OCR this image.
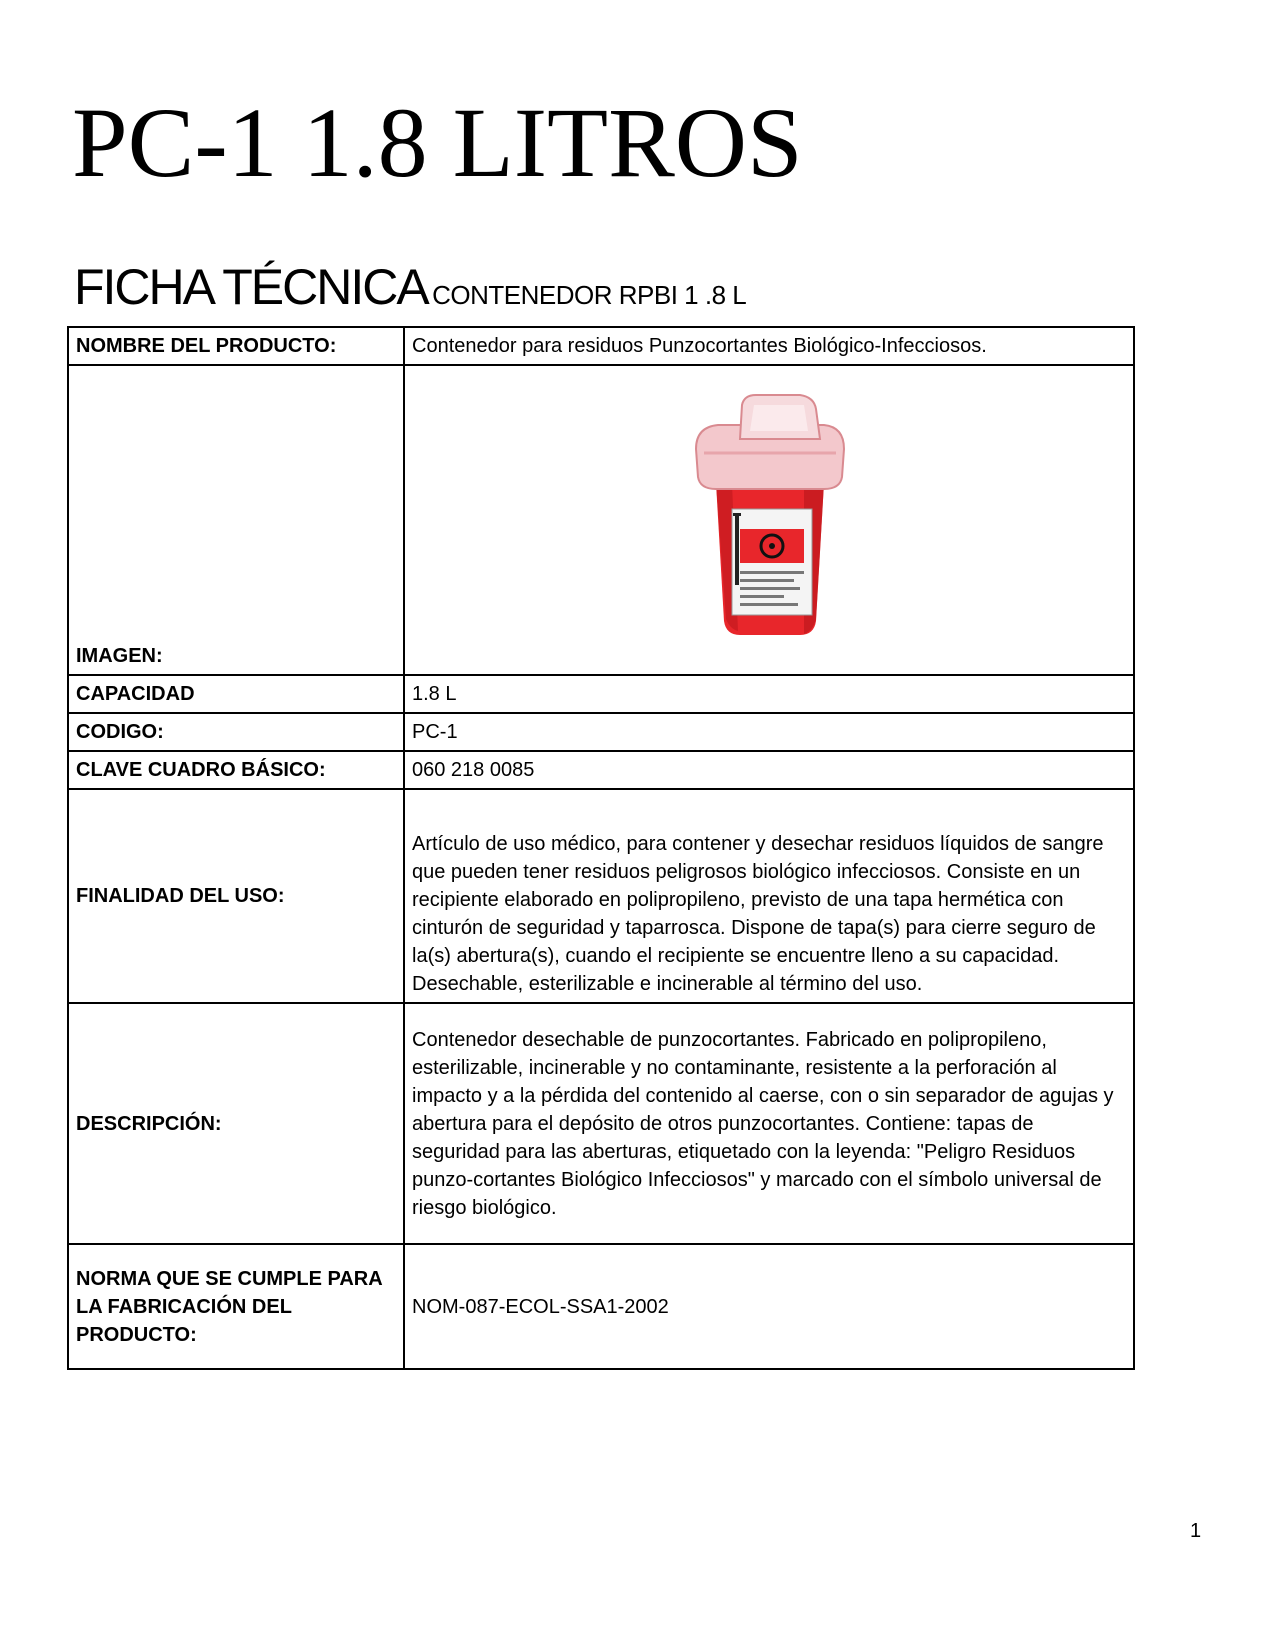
PC-1 1.8 LITROS
FICHA TÉCNICA CONTENEDOR RPBI 1 .8 L
NOMBRE DEL PRODUCTO:	Contenedor para residuos Punzocortantes Biológico-Infecciosos.
IMAGEN:	
CAPACIDAD	1.8 L
CODIGO:	PC-1
CLAVE CUADRO BÁSICO:	060 218 0085
FINALIDAD DEL USO:	Artículo de uso médico, para contener y desechar residuos líquidos de sangre que pueden tener residuos peligrosos biológico infecciosos. Consiste en un recipiente elaborado en polipropileno, previsto de una tapa hermética con cinturón de seguridad y taparrosca. Dispone de tapa(s) para cierre seguro de la(s) abertura(s), cuando el recipiente se encuentre lleno a su capacidad. Desechable, esterilizable e incinerable al término del uso.
DESCRIPCIÓN:	Contenedor desechable de punzocortantes. Fabricado en polipropileno, esterilizable, incinerable y no contaminante, resistente a la perforación al impacto y a la pérdida del contenido al caerse, con o sin separador de agujas y abertura para el depósito de otros punzocortantes. Contiene: tapas de seguridad para las aberturas, etiquetado con la leyenda: "Peligro Residuos punzo-cortantes Biológico Infecciosos" y marcado con el símbolo universal de riesgo biológico.
NORMA QUE SE CUMPLE PARA LA FABRICACIÓN DEL PRODUCTO:	NOM-087-ECOL-SSA1-2002
1
